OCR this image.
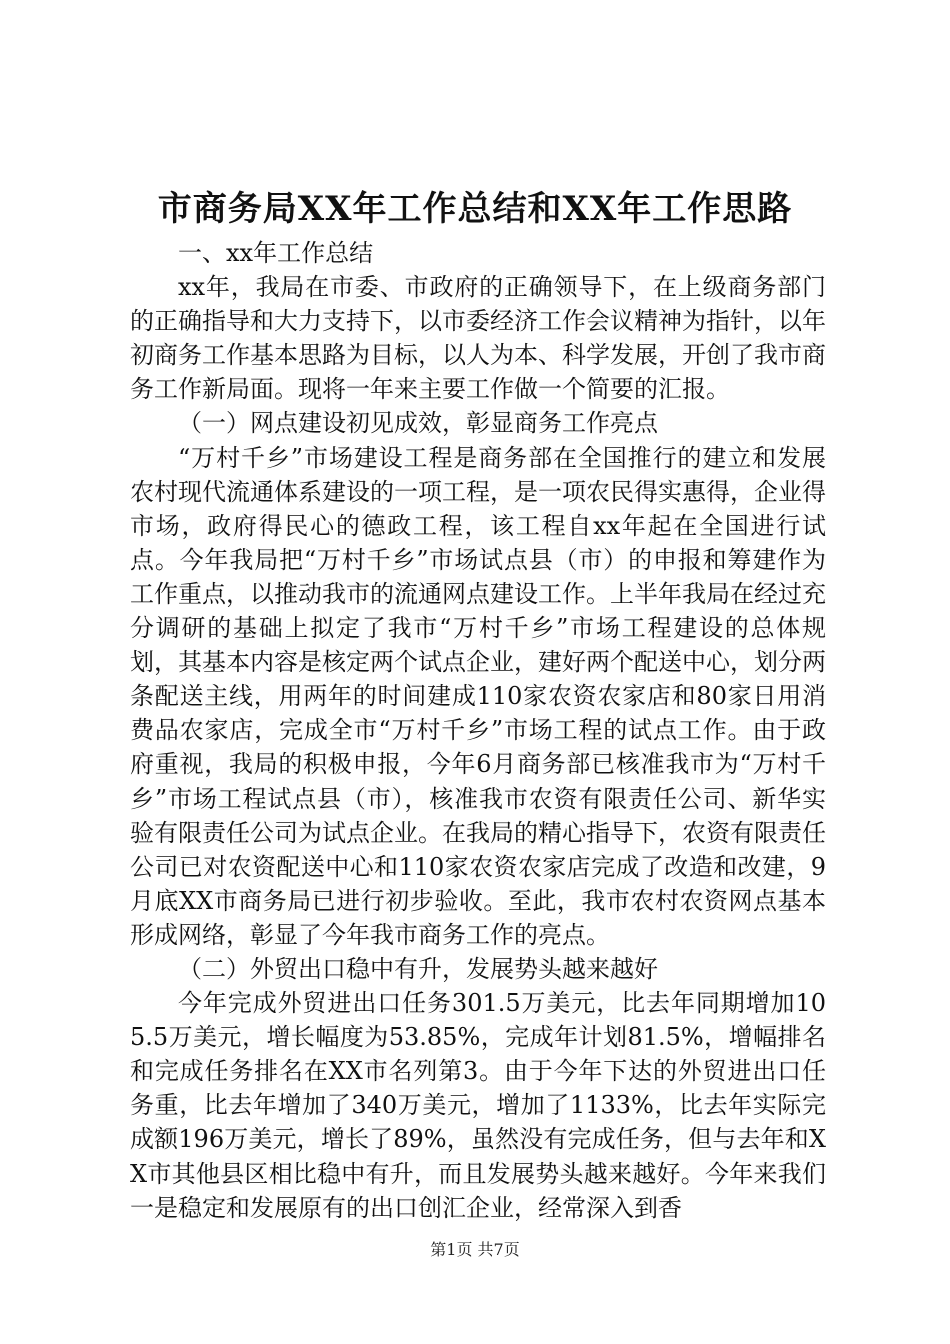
市商务局XX年工作总结和XX年工作思路

一、xx年工作总结

xx年，我局在市委、市政府的正确领导下，在上级商务部门的正确指导和大力支持下，以市委经济工作会议精神为指针，以年初商务工作基本思路为目标，以人为本、科学发展，开创了我市商务工作新局面。现将一年来主要工作做一个简要的汇报。

（一）网点建设初见成效，彰显商务工作亮点

“万村千乡”市场建设工程是商务部在全国推行的建立和发展农村现代流通体系建设的一项工程，是一项农民得实惠得，企业得市场，政府得民心的德政工程，该工程自xx年起在全国进行试点。今年我局把“万村千乡”市场试点县（市）的申报和筹建作为工作重点，以推动我市的流通网点建设工作。上半年我局在经过充分调研的基础上拟定了我市“万村千乡”市场工程建设的总体规划，其基本内容是核定两个试点企业，建好两个配送中心，划分两条配送主线，用两年的时间建成110家农资农家店和80家日用消费品农家店，完成全市“万村千乡”市场工程的试点工作。由于政府重视，我局的积极申报，今年6月商务部已核准我市为“万村千乡”市场工程试点县（市），核准我市农资有限责任公司、新华实验有限责任公司为试点企业。在我局的精心指导下，农资有限责任公司已对农资配送中心和110家农资农家店完成了改造和改建，9月底XX市商务局已进行初步验收。至此，我市农村农资网点基本形成网络，彰显了今年我市商务工作的亮点。

（二）外贸出口稳中有升，发展势头越来越好

今年完成外贸进出口任务301.5万美元，比去年同期增加105.5万美元，增长幅度为53.85%，完成年计划81.5%，增幅排名和完成任务排名在XX市名列第3。由于今年下达的外贸进出口任务重，比去年增加了340万美元，增加了1133%，比去年实际完成额196万美元，增长了89%，虽然没有完成任务，但与去年和XX市其他县区相比稳中有升，而且发展势头越来越好。今年来我们一是稳定和发展原有的出口创汇企业，经常深入到香

第1页 共7页
